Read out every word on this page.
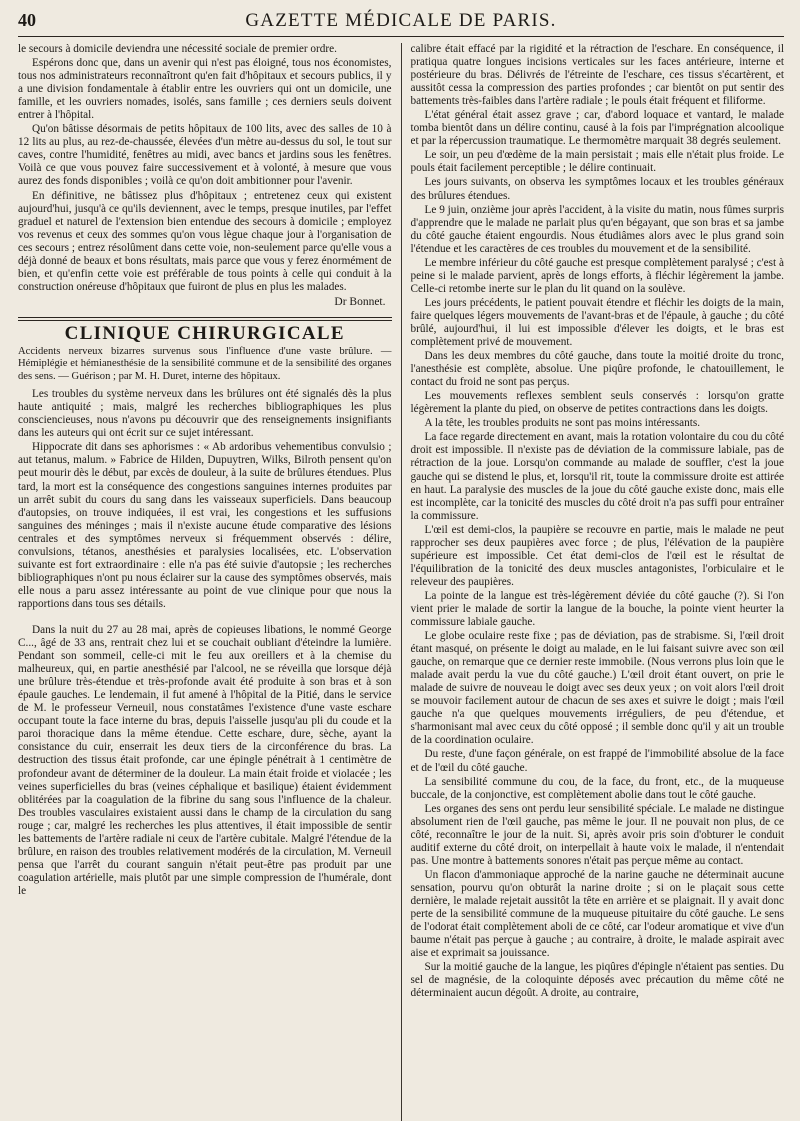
40	GAZETTE MÉDICALE DE PARIS.

le secours à domicile deviendra une nécessité sociale de premier ordre.

Espérons donc que, dans un avenir qui n'est pas éloigné, tous nos économistes, tous nos administrateurs reconnaîtront qu'en fait d'hôpitaux et secours publics, il y a une division fondamentale à établir entre les ouvriers qui ont un domicile, une famille, et les ouvriers nomades, isolés, sans famille ; ces derniers seuls doivent entrer à l'hôpital.

Qu'on bâtisse désormais de petits hôpitaux de 100 lits, avec des salles de 10 à 12 lits au plus, au rez-de-chaussée, élevées d'un mètre au-dessus du sol, le tout sur caves, contre l'humidité, fenêtres au midi, avec bancs et jardins sous les fenêtres. Voilà ce que vous pouvez faire successivement et à volonté, à mesure que vous aurez des fonds disponibles ; voilà ce qu'on doit ambitionner pour l'avenir.

En définitive, ne bâtissez plus d'hôpitaux ; entretenez ceux qui existent aujourd'hui, jusqu'à ce qu'ils deviennent, avec le temps, presque inutiles, par l'effet graduel et naturel de l'extension bien entendue des secours à domicile ; employez vos revenus et ceux des sommes qu'on vous lègue chaque jour à l'organisation de ces secours ; entrez résolûment dans cette voie, non-seulement parce qu'elle vous a déjà donné de beaux et bons résultats, mais parce que vous y ferez énormément de bien, et qu'enfin cette voie est préférable de tous points à celle qui conduit à la construction onéreuse d'hôpitaux que fuiront de plus en plus les malades.

Dr Bonnet.
CLINIQUE CHIRURGICALE

Accidents nerveux bizarres survenus sous l'influence d'une vaste brûlure. — Hémiplégie et hémianesthésie de la sensibilité commune et de la sensibilité des organes des sens. — Guérison ; par M. H. Duret, interne des hôpitaux.

Les troubles du système nerveux dans les brûlures ont été signalés dès la plus haute antiquité ; mais, malgré les recherches bibliographiques les plus consciencieuses, nous n'avons pu découvrir que des renseignements insignifiants dans les auteurs qui ont écrit sur ce sujet intéressant.

Hippocrate dit dans ses aphorismes : « Ab ardoribus vehementibus convulsio ; aut tetanus, malum. » Fabrice de Hilden, Dupuytren, Wilks, Bilroth pensent qu'on peut mourir dès le début, par excès de douleur, à la suite de brûlures étendues. Plus tard, la mort est la conséquence des congestions sanguines internes produites par un arrêt subit du cours du sang dans les vaisseaux superficiels. Dans beaucoup d'autopsies, on trouve indiquées, il est vrai, les congestions et les suffusions sanguines des méninges ; mais il n'existe aucune étude comparative des lésions centrales et des symptômes nerveux si fréquemment observés : délire, convulsions, tétanos, anesthésies et paralysies localisées, etc. L'observation suivante est fort extraordinaire : elle n'a pas été suivie d'autopsie ; les recherches bibliographiques n'ont pu nous éclairer sur la cause des symptômes observés, mais elle nous a paru assez intéressante au point de vue clinique pour que nous la rapportions dans tous ses détails.

Dans la nuit du 27 au 28 mai, après de copieuses libations, le nommé George C..., âgé de 33 ans, rentrait chez lui et se couchait oubliant d'éteindre la lumière. Pendant son sommeil, celle-ci mit le feu aux oreillers et à la chemise du malheureux, qui, en partie anesthésié par l'alcool, ne se réveilla que lorsque déjà une brûlure très-étendue et très-profonde avait été produite à son bras et à son épaule gauches. Le lendemain, il fut amené à l'hôpital de la Pitié, dans le service de M. le professeur Verneuil, nous constatâmes l'existence d'une vaste eschare occupant toute la face interne du bras, depuis l'aisselle jusqu'au pli du coude et la paroi thoracique dans la même étendue. Cette eschare, dure, sèche, ayant la consistance du cuir, enserrait les deux tiers de la circonférence du bras. La destruction des tissus était profonde, car une épingle pénétrait à 1 centimètre de profondeur avant de déterminer de la douleur. La main était froide et violacée ; les veines superficielles du bras (veines céphalique et basilique) étaient évidemment oblitérées par la coagulation de la fibrine du sang sous l'influence de la chaleur. Des troubles vasculaires existaient aussi dans le champ de la circulation du sang rouge ; car, malgré les recherches les plus attentives, il était impossible de sentir les battements de l'artère radiale ni ceux de l'artère cubitale. Malgré l'étendue de la brûlure, en raison des troubles relativement modérés de la circulation, M. Verneuil pensa que l'arrêt du courant sanguin n'était peut-être pas produit par une coagulation artérielle, mais plutôt par une simple compression de l'humérale, dont le

calibre était effacé par la rigidité et la rétraction de l'eschare. En conséquence, il pratiqua quatre longues incisions verticales sur les faces antérieure, interne et postérieure du bras. Délivrés de l'étreinte de l'eschare, ces tissus s'écartèrent, et aussitôt cessa la compression des parties profondes ; car bientôt on put sentir des battements très-faibles dans l'artère radiale ; le pouls était fréquent et filiforme.

L'état général était assez grave ; car, d'abord loquace et vantard, le malade tomba bientôt dans un délire continu, causé à la fois par l'imprégnation alcoolique et par la répercussion traumatique. Le thermomètre marquait 38 degrés seulement.

Le soir, un peu d'œdème de la main persistait ; mais elle n'était plus froide. Le pouls était facilement perceptible ; le délire continuait.

Les jours suivants, on observa les symptômes locaux et les troubles généraux des brûlures étendues.

Le 9 juin, onzième jour après l'accident, à la visite du matin, nous fûmes surpris d'apprendre que le malade ne parlait plus qu'en bégayant, que son bras et sa jambe du côté gauche étaient engourdis. Nous étudiâmes alors avec le plus grand soin l'étendue et les caractères de ces troubles du mouvement et de la sensibilité.

Le membre inférieur du côté gauche est presque complètement paralysé ; c'est à peine si le malade parvient, après de longs efforts, à fléchir légèrement la jambe. Celle-ci retombe inerte sur le plan du lit quand on la soulève.

Les jours précédents, le patient pouvait étendre et fléchir les doigts de la main, faire quelques légers mouvements de l'avant-bras et de l'épaule, à gauche ; du côté brûlé, aujourd'hui, il lui est impossible d'élever les doigts, et le bras est complètement privé de mouvement.

Dans les deux membres du côté gauche, dans toute la moitié droite du tronc, l'anesthésie est complète, absolue. Une piqûre profonde, le chatouillement, le contact du froid ne sont pas perçus.

Les mouvements reflexes semblent seuls conservés : lorsqu'on gratte légèrement la plante du pied, on observe de petites contractions dans les doigts.

A la tête, les troubles produits ne sont pas moins intéressants.

La face regarde directement en avant, mais la rotation volontaire du cou du côté droit est impossible. Il n'existe pas de déviation de la commissure labiale, pas de rétraction de la joue. Lorsqu'on commande au malade de souffler, c'est la joue gauche qui se distend le plus, et, lorsqu'il rit, toute la commissure droite est attirée en haut. La paralysie des muscles de la joue du côté gauche existe donc, mais elle est incomplète, car la tonicité des muscles du côté droit n'a pas suffi pour entraîner la commissure.

L'œil est demi-clos, la paupière se recouvre en partie, mais le malade ne peut rapprocher ses deux paupières avec force ; de plus, l'élévation de la paupière supérieure est impossible. Cet état demi-clos de l'œil est le résultat de l'équilibration de la tonicité des deux muscles antagonistes, l'orbiculaire et le releveur des paupières.

La pointe de la langue est très-légèrement déviée du côté gauche (?). Si l'on vient prier le malade de sortir la langue de la bouche, la pointe vient heurter la commissure labiale gauche.

Le globe oculaire reste fixe ; pas de déviation, pas de strabisme. Si, l'œil droit étant masqué, on présente le doigt au malade, en le lui faisant suivre avec son œil gauche, on remarque que ce dernier reste immobile. (Nous verrons plus loin que le malade avait perdu la vue du côté gauche.) L'œil droit étant ouvert, on prie le malade de suivre de nouveau le doigt avec ses deux yeux ; on voit alors l'œil droit se mouvoir facilement autour de chacun de ses axes et suivre le doigt ; mais l'œil gauche n'a que quelques mouvements irréguliers, de peu d'étendue, et s'harmonisant mal avec ceux du côté opposé ; il semble donc qu'il y ait un trouble de la coordination oculaire.

Du reste, d'une façon générale, on est frappé de l'immobilité absolue de la face et de l'œil du côté gauche.

La sensibilité commune du cou, de la face, du front, etc., de la muqueuse buccale, de la conjonctive, est complètement abolie dans tout le côté gauche.

Les organes des sens ont perdu leur sensibilité spéciale. Le malade ne distingue absolument rien de l'œil gauche, pas même le jour. Il ne pouvait non plus, de ce côté, reconnaître le jour de la nuit. Si, après avoir pris soin d'obturer le conduit auditif externe du côté droit, on interpellait à haute voix le malade, il n'entendait pas. Une montre à battements sonores n'était pas perçue même au contact.

Un flacon d'ammoniaque approché de la narine gauche ne déterminait aucune sensation, pourvu qu'on obturât la narine droite ; si on le plaçait sous cette dernière, le malade rejetait aussitôt la tête en arrière et se plaignait. Il y avait donc perte de la sensibilité commune de la muqueuse pituitaire du côté gauche. Le sens de l'odorat était complètement aboli de ce côté, car l'odeur aromatique et vive d'un baume n'était pas perçue à gauche ; au contraire, à droite, le malade aspirait avec aise et exprimait sa jouissance.

Sur la moitié gauche de la langue, les piqûres d'épingle n'étaient pas senties. Du sel de magnésie, de la coloquinte déposés avec précaution du même côté ne déterminaient aucun dégoût. A droite, au contraire,
